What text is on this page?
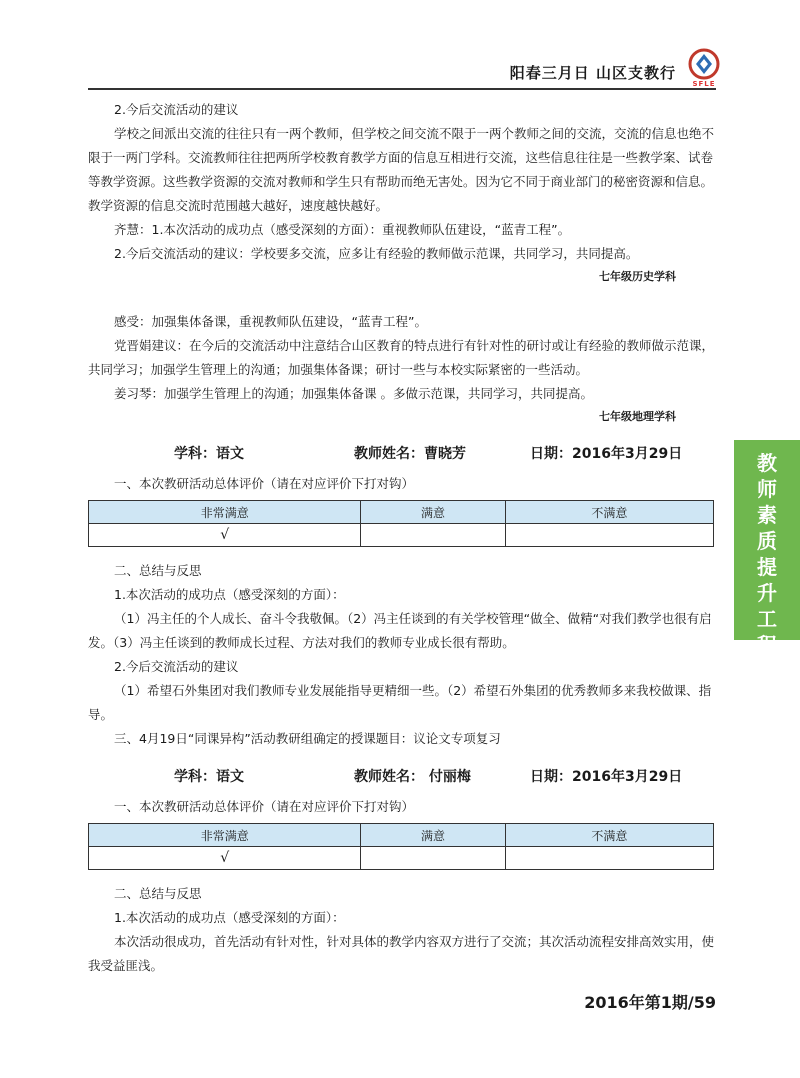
阳春三月日 山区支教行
SFLE

2.今后交流活动的建议

学校之间派出交流的往往只有一两个教师，但学校之间交流不限于一两个教师之间的交流，交流的信息也绝不限于一两门学科。交流教师往往把两所学校教育教学方面的信息互相进行交流，这些信息往往是一些教学案、试卷等教学资源。这些教学资源的交流对教师和学生只有帮助而绝无害处。因为它不同于商业部门的秘密资源和信息。教学资源的信息交流时范围越大越好，速度越快越好。

齐慧：1.本次活动的成功点（感受深刻的方面）：重视教师队伍建设，“蓝青工程”。

2.今后交流活动的建议：学校要多交流，应多让有经验的教师做示范课，共同学习，共同提高。

七年级历史学科

感受：加强集体备课，重视教师队伍建设，“蓝青工程”。

党晋娟建议：在今后的交流活动中注意结合山区教育的特点进行有针对性的研讨或让有经验的教师做示范课，共同学习；加强学生管理上的沟通；加强集体备课；研讨一些与本校实际紧密的一些活动。

姜习琴：加强学生管理上的沟通；加强集体备课 。多做示范课，共同学习，共同提高。

七年级地理学科

学科：语文	教师姓名：曹晓芳	日期：2016年3月29日

一、本次教研活动总体评价（请在对应评价下打对钩）

非常满意	满意	不满意
√		

二、总结与反思

1.本次活动的成功点（感受深刻的方面）：

（1）冯主任的个人成长、奋斗令我敬佩。（2）冯主任谈到的有关学校管理“做全、做精“对我们教学也很有启发。（3）冯主任谈到的教师成长过程、方法对我们的教师专业成长很有帮助。

2.今后交流活动的建议

（1）希望石外集团对我们教师专业发展能指导更精细一些。（2）希望石外集团的优秀教师多来我校做课、指导。

三、4月19日“同课异构”活动教研组确定的授课题目：议论文专项复习

学科：语文	教师姓名： 付丽梅	日期：2016年3月29日

一、本次教研活动总体评价（请在对应评价下打对钩）

非常满意	满意	不满意
√		

二、总结与反思

1.本次活动的成功点（感受深刻的方面）：

本次活动很成功，首先活动有针对性，针对具体的教学内容双方进行了交流；其次活动流程安排高效实用，使我受益匪浅。

教
师
素
质
提
升
工
程
2016年第1期/59
